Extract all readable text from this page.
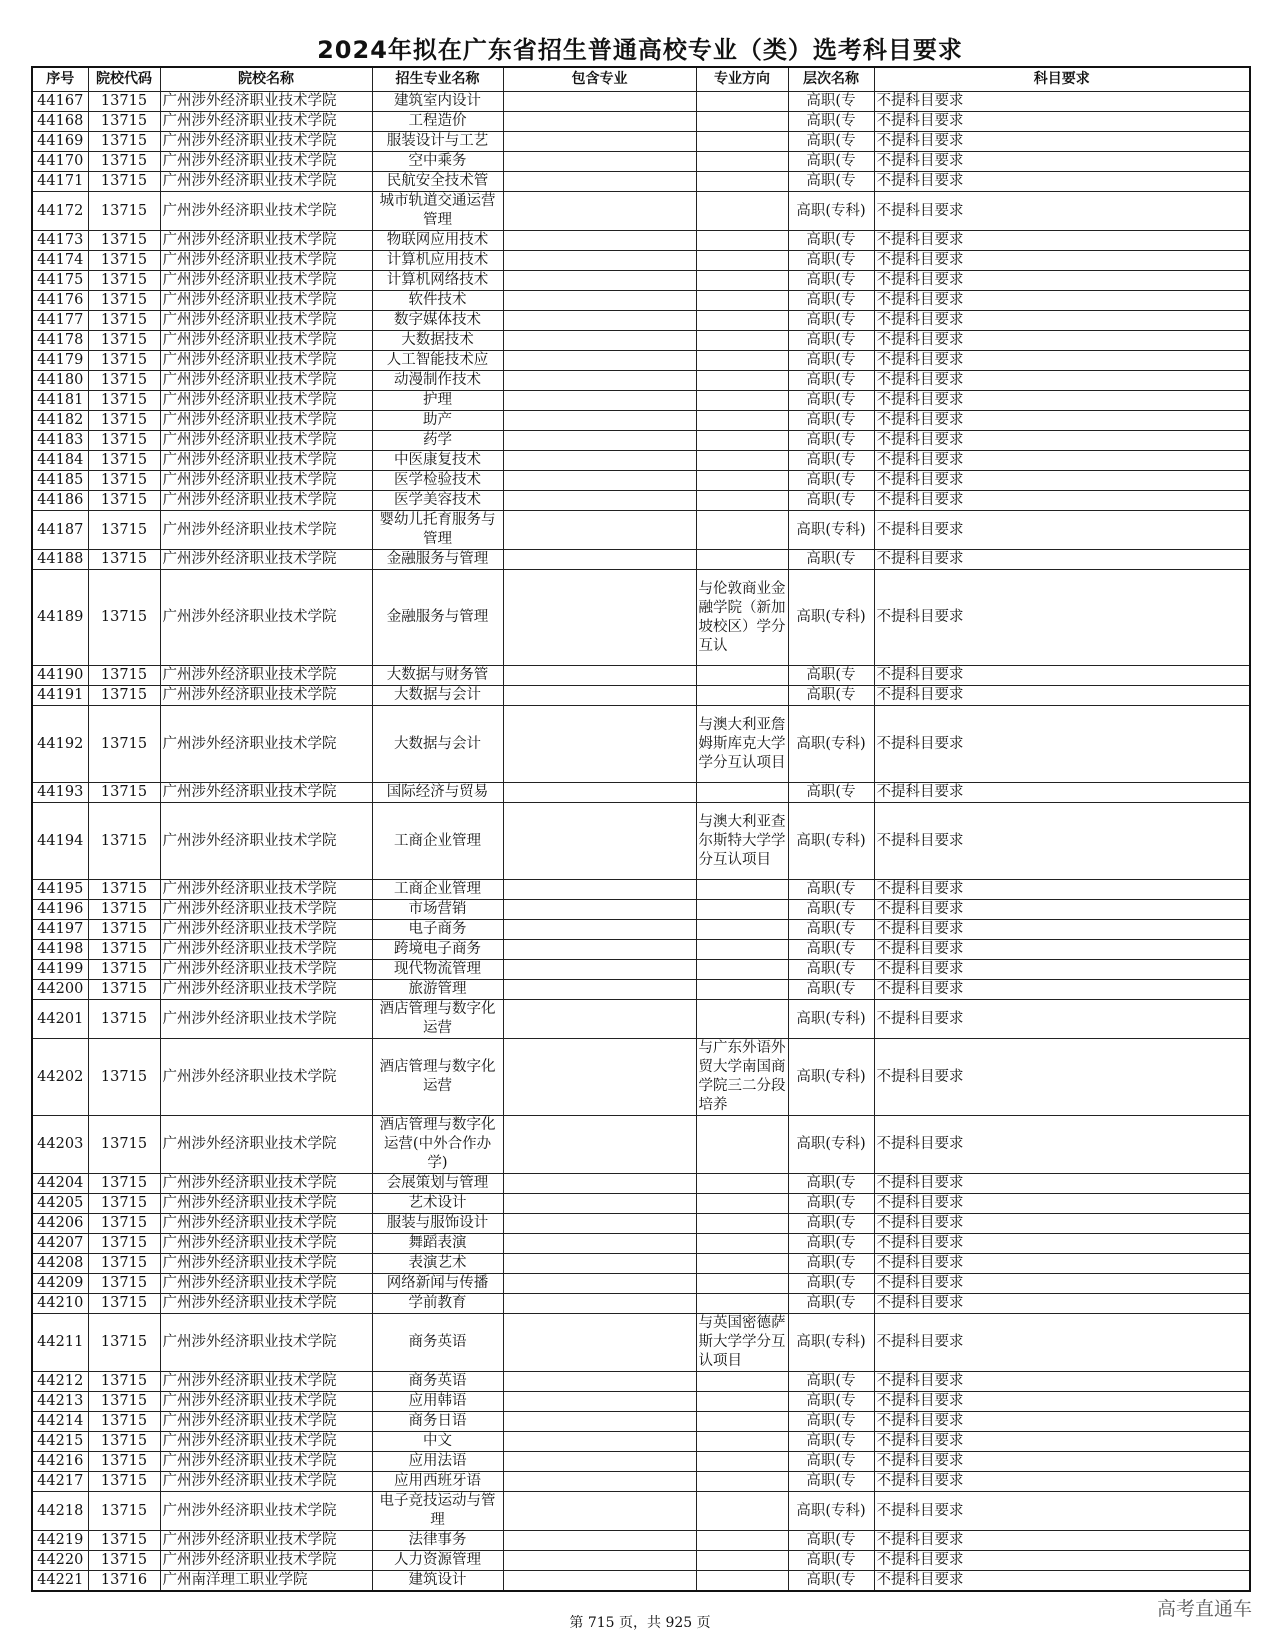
2024年拟在广东省招生普通高校专业（类）选考科目要求
序号	院校代码	院校名称	招生专业名称	包含专业	专业方向	层次名称	科目要求
44167	13715	广州涉外经济职业技术学院	建筑室内设计			高职(专	不提科目要求
44168	13715	广州涉外经济职业技术学院	工程造价			高职(专	不提科目要求
44169	13715	广州涉外经济职业技术学院	服装设计与工艺			高职(专	不提科目要求
44170	13715	广州涉外经济职业技术学院	空中乘务			高职(专	不提科目要求
44171	13715	广州涉外经济职业技术学院	民航安全技术管			高职(专	不提科目要求
44172	13715	广州涉外经济职业技术学院	城市轨道交通运营管理			高职(专科)	不提科目要求
44173	13715	广州涉外经济职业技术学院	物联网应用技术			高职(专	不提科目要求
44174	13715	广州涉外经济职业技术学院	计算机应用技术			高职(专	不提科目要求
44175	13715	广州涉外经济职业技术学院	计算机网络技术			高职(专	不提科目要求
44176	13715	广州涉外经济职业技术学院	软件技术			高职(专	不提科目要求
44177	13715	广州涉外经济职业技术学院	数字媒体技术			高职(专	不提科目要求
44178	13715	广州涉外经济职业技术学院	大数据技术			高职(专	不提科目要求
44179	13715	广州涉外经济职业技术学院	人工智能技术应			高职(专	不提科目要求
44180	13715	广州涉外经济职业技术学院	动漫制作技术			高职(专	不提科目要求
44181	13715	广州涉外经济职业技术学院	护理			高职(专	不提科目要求
44182	13715	广州涉外经济职业技术学院	助产			高职(专	不提科目要求
44183	13715	广州涉外经济职业技术学院	药学			高职(专	不提科目要求
44184	13715	广州涉外经济职业技术学院	中医康复技术			高职(专	不提科目要求
44185	13715	广州涉外经济职业技术学院	医学检验技术			高职(专	不提科目要求
44186	13715	广州涉外经济职业技术学院	医学美容技术			高职(专	不提科目要求
44187	13715	广州涉外经济职业技术学院	婴幼儿托育服务与管理			高职(专科)	不提科目要求
44188	13715	广州涉外经济职业技术学院	金融服务与管理			高职(专	不提科目要求
44189	13715	广州涉外经济职业技术学院	金融服务与管理		与伦敦商业金融学院（新加坡校区）学分互认	高职(专科)	不提科目要求
44190	13715	广州涉外经济职业技术学院	大数据与财务管			高职(专	不提科目要求
44191	13715	广州涉外经济职业技术学院	大数据与会计			高职(专	不提科目要求
44192	13715	广州涉外经济职业技术学院	大数据与会计		与澳大利亚詹姆斯库克大学学分互认项目	高职(专科)	不提科目要求
44193	13715	广州涉外经济职业技术学院	国际经济与贸易			高职(专	不提科目要求
44194	13715	广州涉外经济职业技术学院	工商企业管理		与澳大利亚查尔斯特大学学分互认项目	高职(专科)	不提科目要求
44195	13715	广州涉外经济职业技术学院	工商企业管理			高职(专	不提科目要求
44196	13715	广州涉外经济职业技术学院	市场营销			高职(专	不提科目要求
44197	13715	广州涉外经济职业技术学院	电子商务			高职(专	不提科目要求
44198	13715	广州涉外经济职业技术学院	跨境电子商务			高职(专	不提科目要求
44199	13715	广州涉外经济职业技术学院	现代物流管理			高职(专	不提科目要求
44200	13715	广州涉外经济职业技术学院	旅游管理			高职(专	不提科目要求
44201	13715	广州涉外经济职业技术学院	酒店管理与数字化运营			高职(专科)	不提科目要求
44202	13715	广州涉外经济职业技术学院	酒店管理与数字化运营		与广东外语外贸大学南国商学院三二分段培养	高职(专科)	不提科目要求
44203	13715	广州涉外经济职业技术学院	酒店管理与数字化运营(中外合作办学)			高职(专科)	不提科目要求
44204	13715	广州涉外经济职业技术学院	会展策划与管理			高职(专	不提科目要求
44205	13715	广州涉外经济职业技术学院	艺术设计			高职(专	不提科目要求
44206	13715	广州涉外经济职业技术学院	服装与服饰设计			高职(专	不提科目要求
44207	13715	广州涉外经济职业技术学院	舞蹈表演			高职(专	不提科目要求
44208	13715	广州涉外经济职业技术学院	表演艺术			高职(专	不提科目要求
44209	13715	广州涉外经济职业技术学院	网络新闻与传播			高职(专	不提科目要求
44210	13715	广州涉外经济职业技术学院	学前教育			高职(专	不提科目要求
44211	13715	广州涉外经济职业技术学院	商务英语		与英国密德萨斯大学学分互认项目	高职(专科)	不提科目要求
44212	13715	广州涉外经济职业技术学院	商务英语			高职(专	不提科目要求
44213	13715	广州涉外经济职业技术学院	应用韩语			高职(专	不提科目要求
44214	13715	广州涉外经济职业技术学院	商务日语			高职(专	不提科目要求
44215	13715	广州涉外经济职业技术学院	中文			高职(专	不提科目要求
44216	13715	广州涉外经济职业技术学院	应用法语			高职(专	不提科目要求
44217	13715	广州涉外经济职业技术学院	应用西班牙语			高职(专	不提科目要求
44218	13715	广州涉外经济职业技术学院	电子竞技运动与管理			高职(专科)	不提科目要求
44219	13715	广州涉外经济职业技术学院	法律事务			高职(专	不提科目要求
44220	13715	广州涉外经济职业技术学院	人力资源管理			高职(专	不提科目要求
44221	13716	广州南洋理工职业学院	建筑设计			高职(专	不提科目要求
第 715 页，共 925 页
高考直通车
